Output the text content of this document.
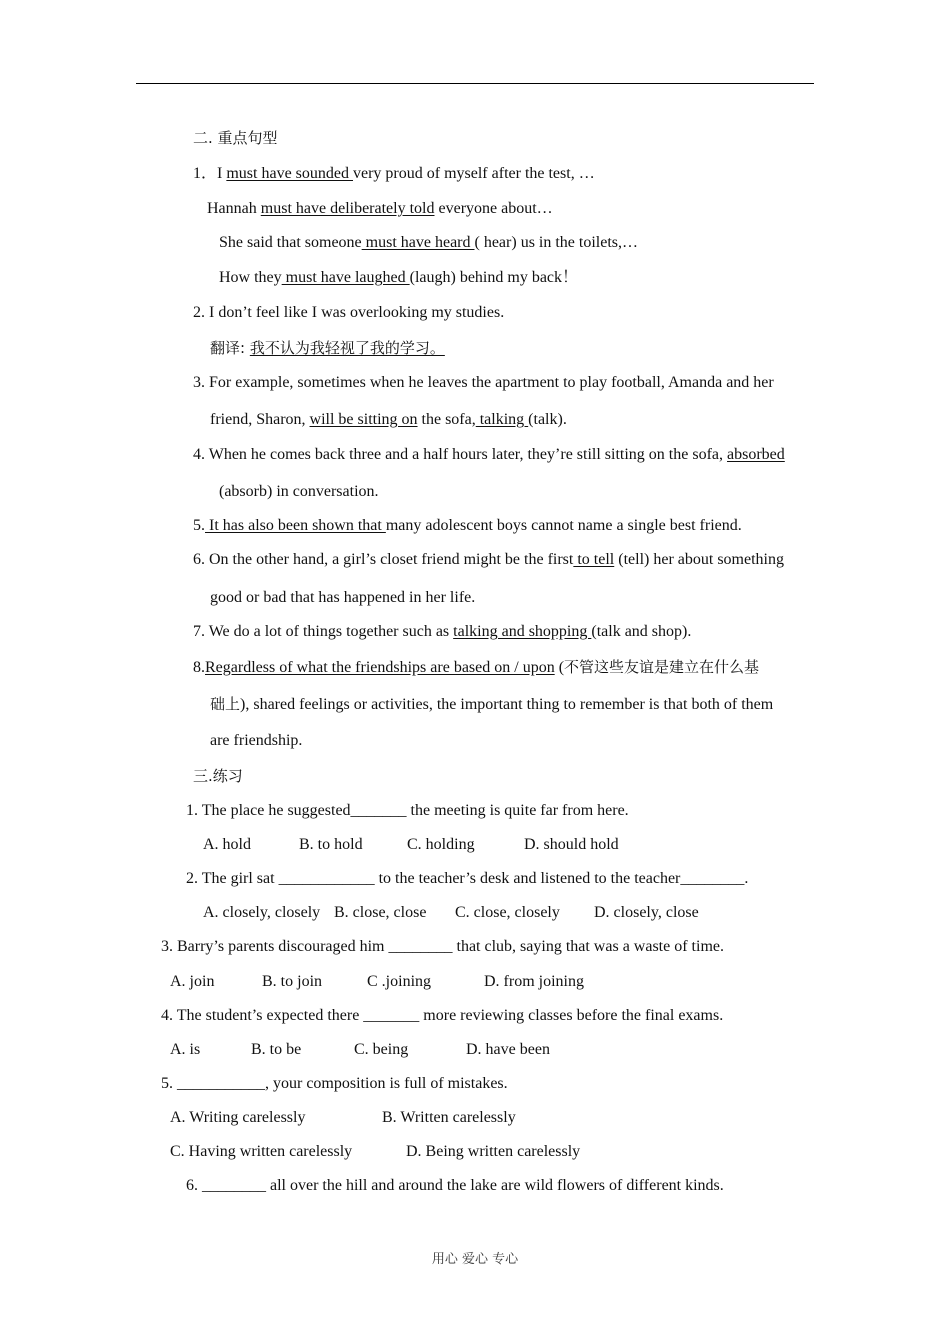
二. 重点句型
1．I must have sounded very proud of myself after the test, …
Hannah must have deliberately told everyone about…
She said that someone must have heard ( hear) us in the toilets,…
How they must have laughed (laugh) behind my back！
2. I don’t feel like I was overlooking my studies.
翻译: 我不认为我轻视了我的学习。
3. For example, sometimes when he leaves the apartment to play football, Amanda and her
friend, Sharon, will be sitting on the sofa, talking (talk).
4. When he comes back three and a half hours later, they’re still sitting on the sofa, absorbed
(absorb) in conversation.
5. It has also been shown that many adolescent boys cannot name a single best friend.
6. On the other hand, a girl’s closet friend might be the first to tell (tell) her about something
good or bad that has happened in her life.
7. We do a lot of things together such as talking and shopping (talk and shop).
8.Regardless of what the friendships are based on / upon (不管这些友谊是建立在什么基
础上), shared feelings or activities, the important thing to remember is that both of them
are friendship.
三.练习
1. The place he suggested_______ the meeting is quite far from here.
A. hold	B. to hold	C. holding	D. should hold
2. The girl sat ____________ to the teacher’s desk and listened to the teacher________.
A. closely, closely B. close, close C. close, closely D. closely, close
3. Barry’s parents discouraged him ________ that club, saying that was a waste of time.
A. join	B. to join	C .joining	D. from joining
4. The student’s expected there _______ more reviewing classes before the final exams.
A. is	B. to be	C. being	D. have been
5. ___________, your composition is full of mistakes.
A. Writing carelessly	B. Written carelessly
C. Having written carelessly	D. Being written carelessly
6. ________ all over the hill and around the lake are wild flowers of different kinds.
用心 爱心 专心
